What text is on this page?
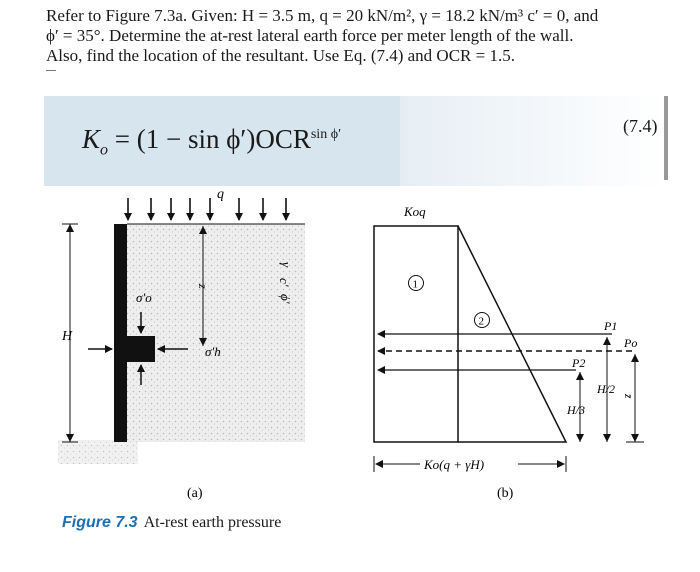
Refer to Figure 7.3a. Given: H = 3.5 m, q = 20 kN/m², γ = 18.2 kN/m³ c′ = 0, and

ϕ′ = 35°. Determine the at-rest lateral earth force per meter length of the wall.

Also, find the location of the resultant. Use Eq. (7.4) and OCR = 1.5.

$K_o = (1 - \sin \phi')OCR^{sin \phi'}$	(7.4)
q
H
z
γ
c′
ϕ′
σ′o
σ′h
(a)
Koq
1
2	P1
Po
P2
H/2
H/3
z̄
Ko(q + γH)
(b)
Figure 7.3 At-rest earth pressure
